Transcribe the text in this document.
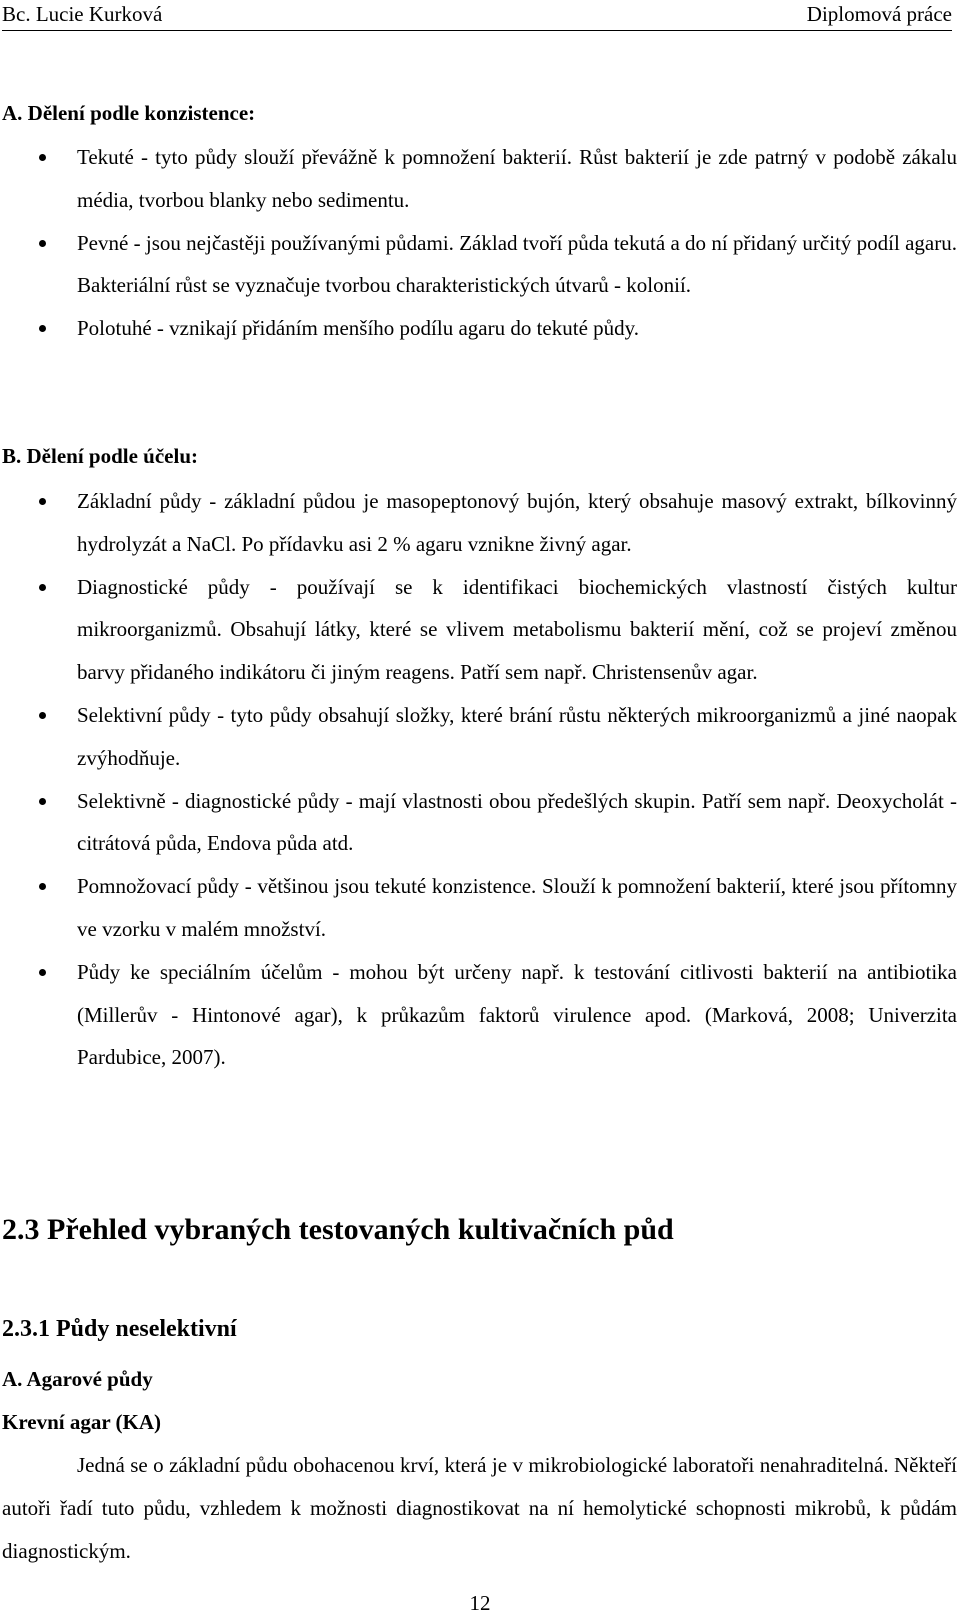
Bc. Lucie Kurková	Diplomová práce
A. Dělení podle konzistence:
Tekuté - tyto půdy slouží převážně k pomnožení bakterií. Růst bakterií je zde patrný v podobě zákalu média, tvorbou blanky nebo sedimentu.
Pevné - jsou nejčastěji používanými půdami. Základ tvoří půda tekutá a do ní přidaný určitý podíl agaru. Bakteriální růst se vyznačuje tvorbou charakteristických útvarů - kolonií.
Polotuhé - vznikají přidáním menšího podílu agaru do tekuté půdy.
B. Dělení podle účelu:
Základní půdy - základní půdou je masopeptonový bujón, který obsahuje masový extrakt, bílkovinný hydrolyzát a NaCl. Po přídavku asi 2 % agaru vznikne živný agar.
Diagnostické půdy - používají se k identifikaci biochemických vlastností čistých kultur mikroorganizmů. Obsahují látky, které se vlivem metabolismu bakterií mění, což se projeví změnou barvy přidaného indikátoru či jiným reagens. Patří sem např. Christensenův agar.
Selektivní půdy - tyto půdy obsahují složky, které brání růstu některých mikroorganizmů a jiné naopak zvýhodňuje.
Selektivně - diagnostické půdy - mají vlastnosti obou předešlých skupin. Patří sem např. Deoxycholát - citrátová půda, Endova půda atd.
Pomnožovací půdy - většinou jsou tekuté konzistence. Slouží k pomnožení bakterií, které jsou přítomny ve vzorku v malém množství.
Půdy ke speciálním účelům - mohou být určeny např. k testování citlivosti bakterií na antibiotika (Millerův - Hintonové agar), k průkazům faktorů virulence apod. (Marková, 2008; Univerzita Pardubice, 2007).
2.3 Přehled vybraných testovaných kultivačních půd
2.3.1 Půdy neselektivní
A. Agarové půdy
Krevní agar (KA)

Jedná se o základní půdu obohacenou krví, která je v mikrobiologické laboratoři nenahraditelná. Někteří autoři řadí tuto půdu, vzhledem k možnosti diagnostikovat na ní hemolytické schopnosti mikrobů, k půdám diagnostickým.

12
